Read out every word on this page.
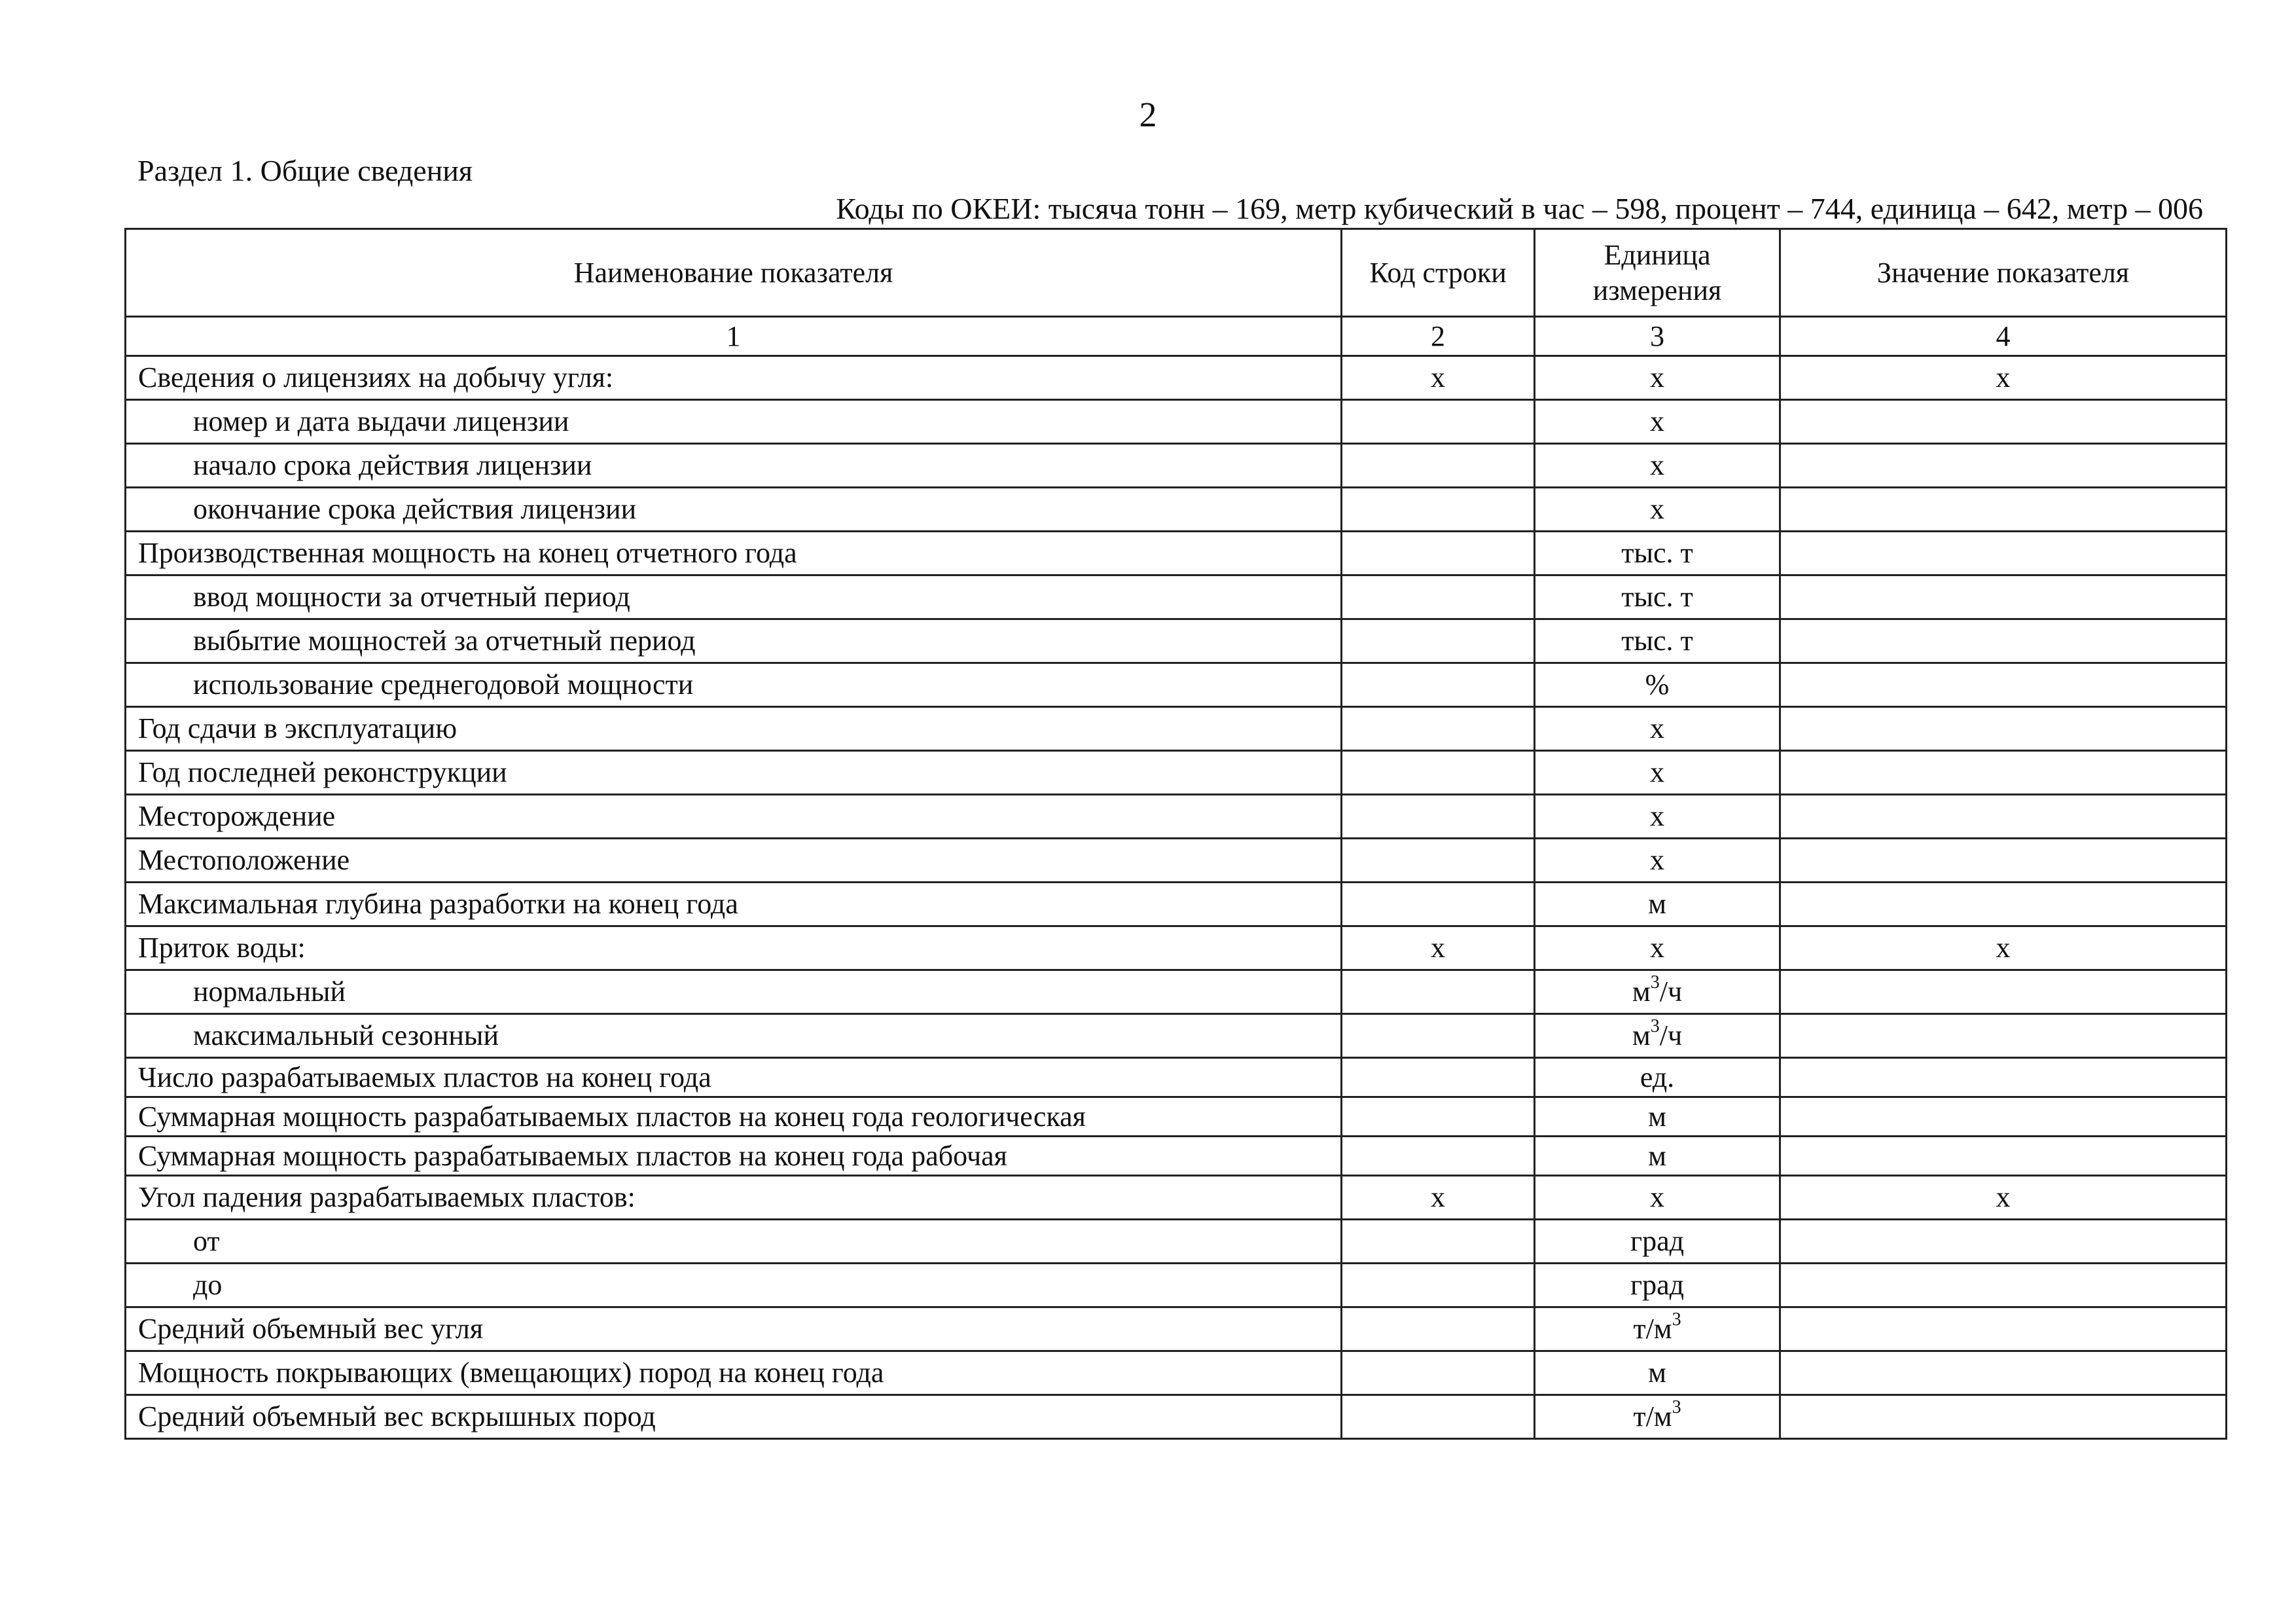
2
Раздел 1. Общие сведения
Коды по ОКЕИ: тысяча тонн – 169, метр кубический в час – 598, процент – 744, единица – 642, метр – 006
Наименование показателя	Код строки	Единица измерения	Значение показателя
1	2	3	4
Сведения о лицензиях на добычу угля:	х	х	х
номер и дата выдачи лицензии		х	
начало срока действия лицензии		х	
окончание срока действия лицензии		х	
Производственная мощность на конец отчетного года		тыс. т	
ввод мощности за отчетный период		тыс. т	
выбытие мощностей за отчетный период		тыс. т	
использование среднегодовой мощности		%	
Год сдачи в эксплуатацию		х	
Год последней реконструкции		х	
Месторождение		х	
Местоположение		х	
Максимальная глубина разработки на конец года		м	
Приток воды:	х	х	х
нормальный		$м^3/ч$	
максимальный сезонный		$м^3/ч$	
Число разрабатываемых пластов на конец года		ед.	
Суммарная мощность разрабатываемых пластов на конец года геологическая		м	
Суммарная мощность разрабатываемых пластов на конец года рабочая		м	
Угол падения разрабатываемых пластов:	х	х	х
от		град	
до		град	
Средний объемный вес угля		$т/м^3$	
Мощность покрывающих (вмещающих) пород на конец года		м	
Средний объемный вес вскрышных пород		$т/м^3$	
